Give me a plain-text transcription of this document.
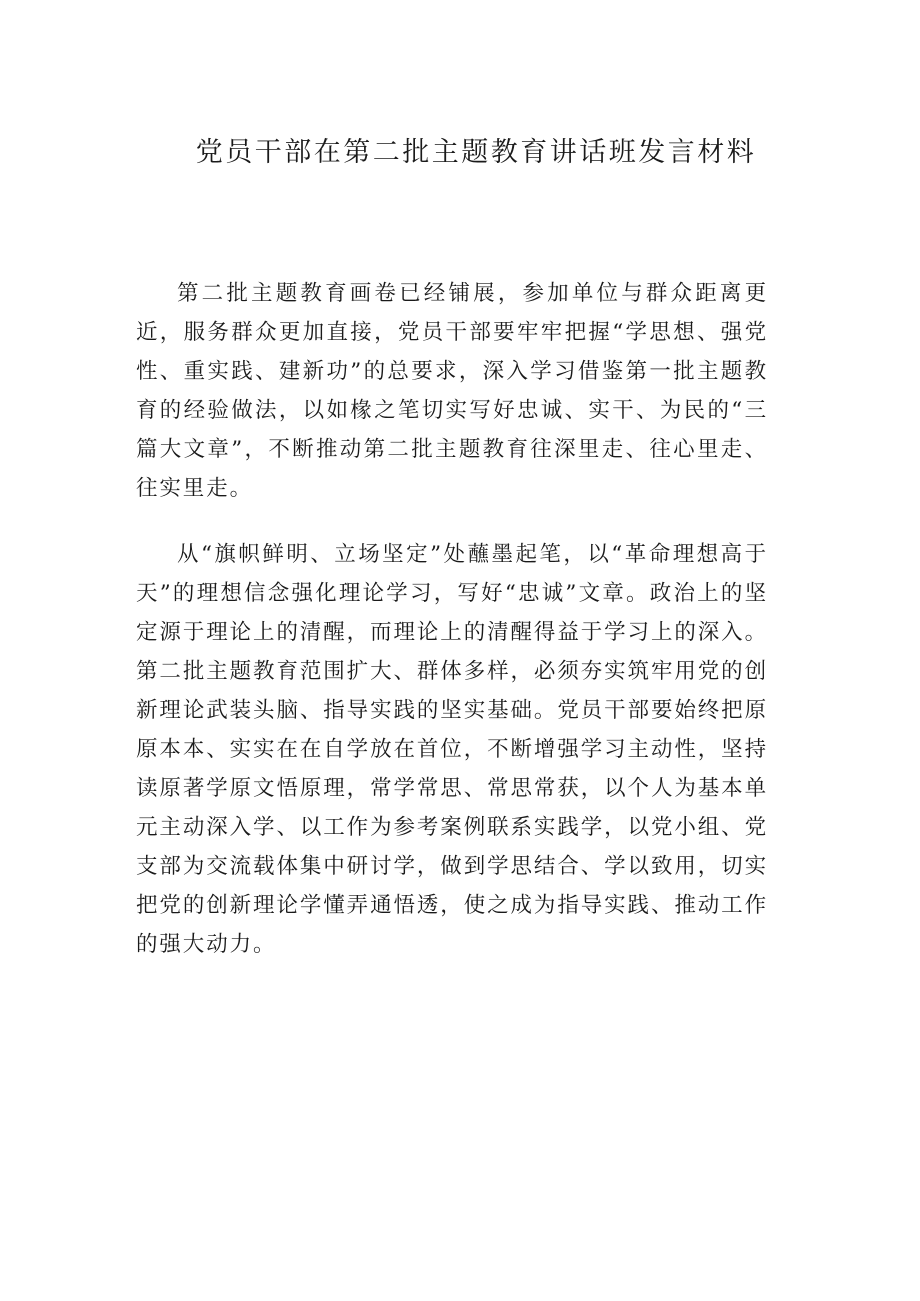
党员干部在第二批主题教育讲话班发言材料

第二批主题教育画卷已经铺展，参加单位与群众距离更近，服务群众更加直接，党员干部要牢牢把握“学思想、强党性、重实践、建新功”的总要求，深入学习借鉴第一批主题教育的经验做法，以如椽之笔切实写好忠诚、实干、为民的“三篇大文章”，不断推动第二批主题教育往深里走、往心里走、往实里走。

从“旗帜鲜明、立场坚定”处蘸墨起笔，以“革命理想高于天”的理想信念强化理论学习，写好“忠诚”文章。政治上的坚定源于理论上的清醒，而理论上的清醒得益于学习上的深入。第二批主题教育范围扩大、群体多样，必须夯实筑牢用党的创新理论武装头脑、指导实践的坚实基础。党员干部要始终把原原本本、实实在在自学放在首位，不断增强学习主动性，坚持读原著学原文悟原理，常学常思、常思常获，以个人为基本单元主动深入学、以工作为参考案例联系实践学，以党小组、党支部为交流载体集中研讨学，做到学思结合、学以致用，切实把党的创新理论学懂弄通悟透，使之成为指导实践、推动工作的强大动力。
